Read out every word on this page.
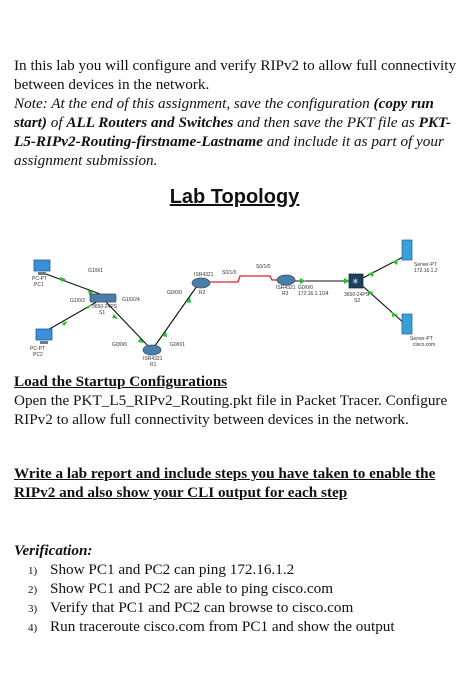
In this lab you will configure and verify RIPv2 to allow full connectivity between devices in the network.

Note: At the end of this assignment, save the configuration (copy run start) of ALL Routers and Switches and then save the PKT file as PKT-L5-RIPv2-Routing-firstname-Lastname and include it as part of your assignment submission.

Lab Topology
PC-PT
PC1
PC-PT
PC2
3650-24PS
S1
ISR4321
R1
ISR4321
R2
ISR4321
R3
✳
3650-24PS
S2
Server-PT
172.16.1.2
Server-PT
cisco.com
G1/0/1
G1/0/2	G1/0/24
G0/0/0
S0/1/0
S0/1/0
G0/0/0
172.16.1.1/24
G0/0/0	G0/0/1
Load the Startup Configurations

Open the PKT_L5_RIPv2_Routing.pkt file in Packet Tracer. Configure RIPv2 to allow full connectivity between devices in the network.

Write a lab report and include steps you have taken to enable the RIPv2 and also show your CLI output for each step

Verification:

1) Show PC1 and PC2 can ping 172.16.1.2
2) Show PC1 and PC2 are able to ping cisco.com
3) Verify that PC1 and PC2 can browse to cisco.com
4) Run traceroute cisco.com from PC1 and show the output
